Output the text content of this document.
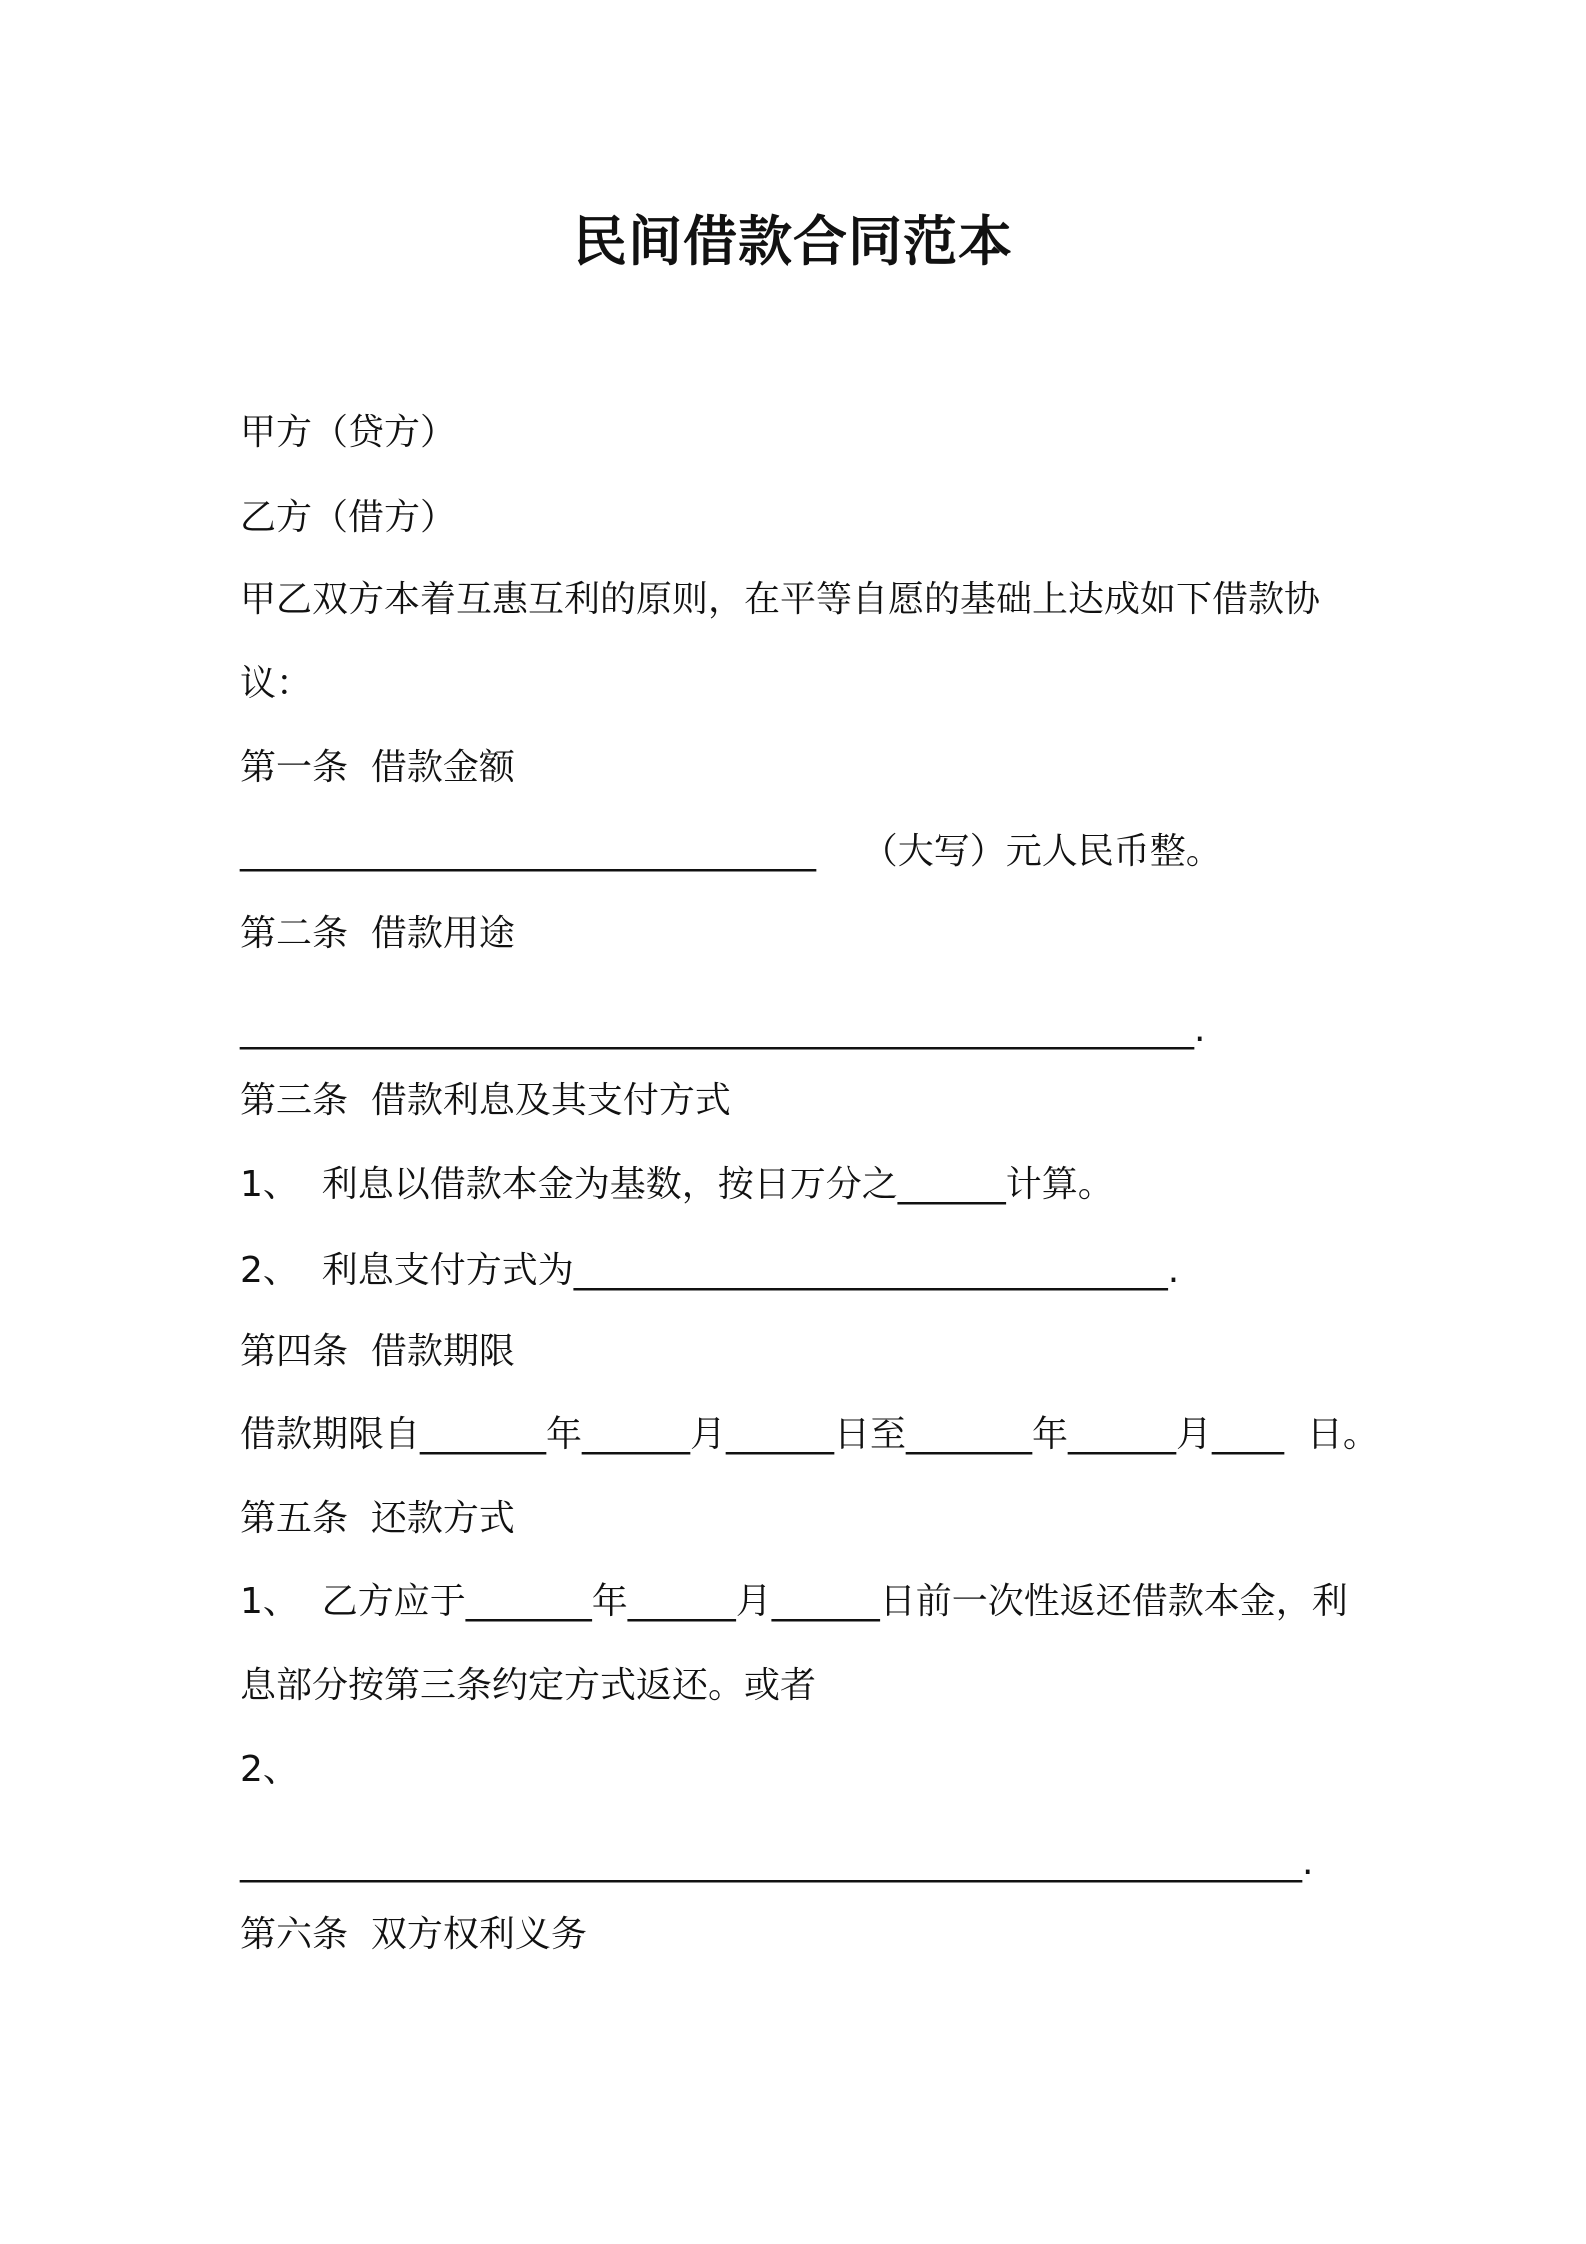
民间借款合同范本

甲方（贷方）

乙方（借方）

甲乙双方本着互惠互利的原则，在平等自愿的基础上达成如下借款协

议：

第一条  借款金额

________________________________    （大写）元人民币整。

第二条  借款用途

_____________________________________________________.

第三条  借款利息及其支付方式

1、  利息以借款本金为基数，按日万分之______计算。

2、  利息支付方式为_________________________________.

第四条  借款期限

借款期限自_______年______月______日至_______年______月____  日。

第五条  还款方式

1、  乙方应于_______年______月______日前一次性返还借款本金，利

息部分按第三条约定方式返还。或者

2、

___________________________________________________________.

第六条  双方权利义务
